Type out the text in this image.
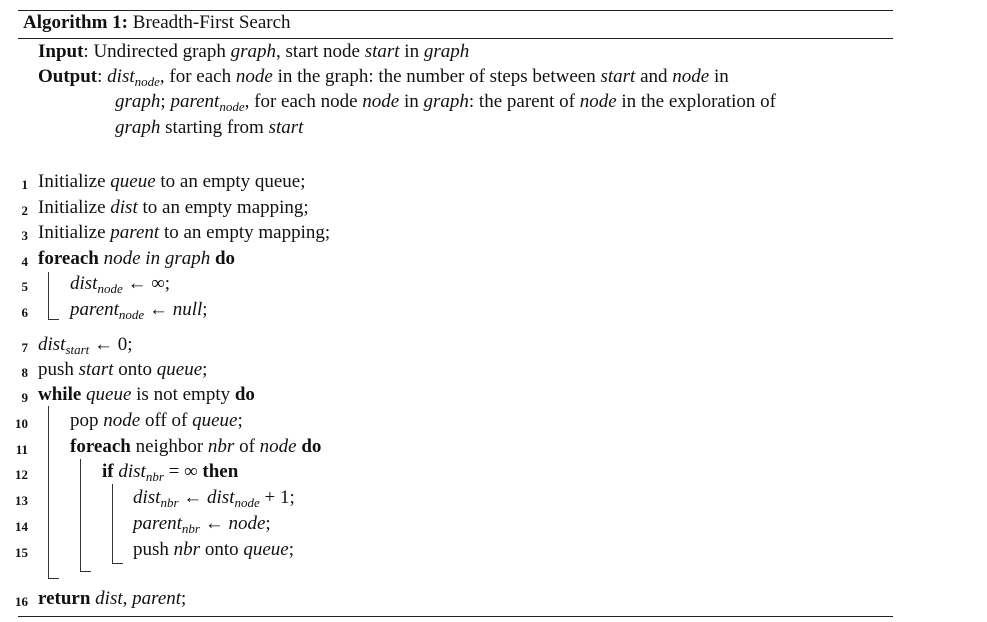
Algorithm 1: Breadth-First Search
Input: Undirected graph graph, start node start in graph
Output: dist$_{node}$, for each node in the graph: the number of steps between start and node in
graph; parent$_{node}$, for each node node in graph: the parent of node in the exploration of
graph starting from start
1 Initialize queue to an empty queue;
2 Initialize dist to an empty mapping;
3 Initialize parent to an empty mapping;
4 foreach node in graph do
5 dist$_{node}$ ← ∞;
6 parent$_{node}$ ← null;
7 dist$_{start}$ ← 0;
8 push start onto queue;
9 while queue is not empty do
10 pop node off of queue;
11 foreach neighbor nbr of node do
12	if dist$_{nbr}$ = ∞ then
13	dist$_{nbr}$ ← dist$_{node}$ + 1;
14	parent$_{nbr}$ ← node;
15	push nbr onto queue;
16 return dist, parent;
